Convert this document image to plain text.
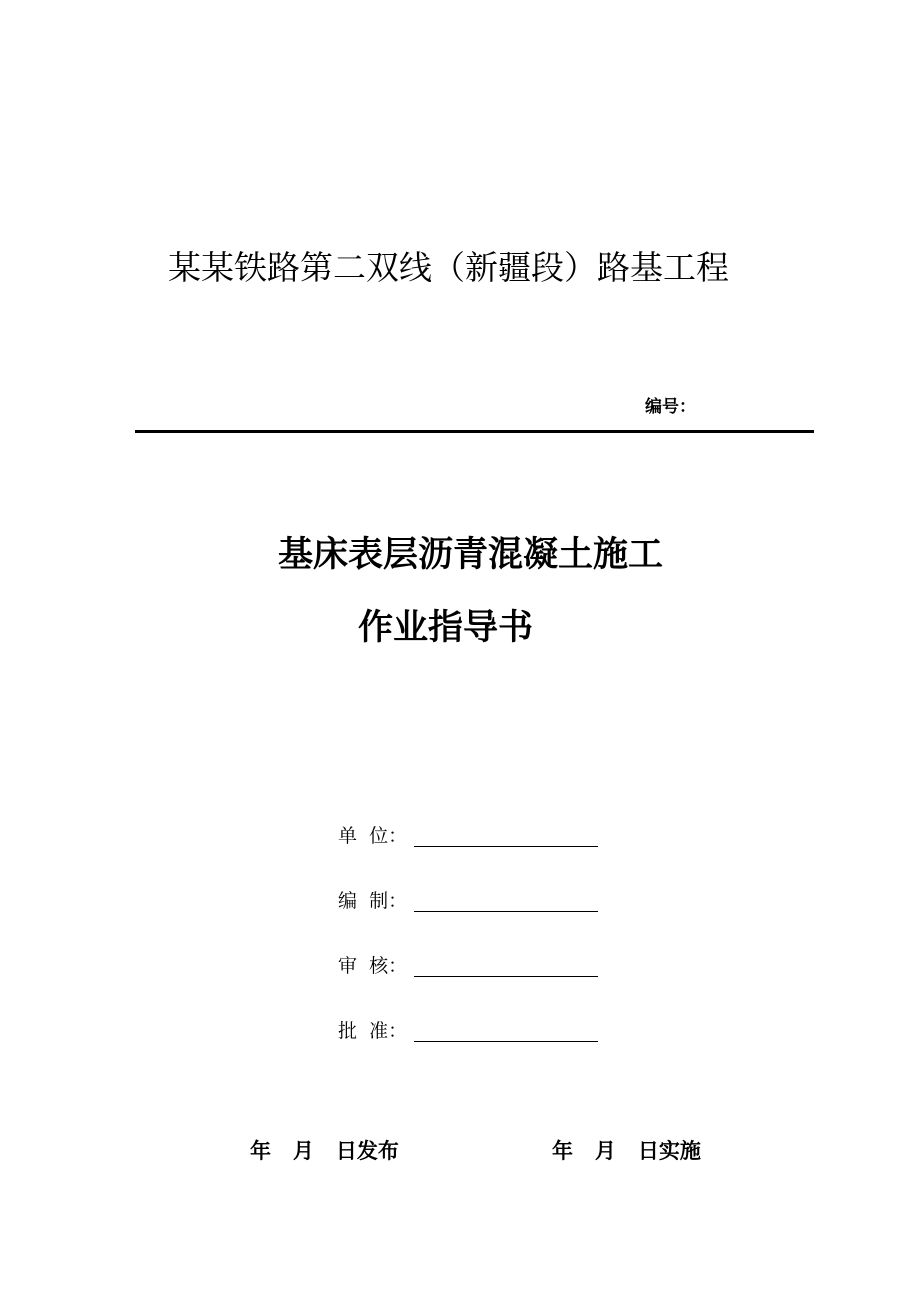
某某铁路第二双线（新疆段）路基工程
编号：
基床表层沥青混凝土施工
作业指导书
单  位：
编  制：
审  核：
批  准：
年   月   日发布	年   月   日实施
